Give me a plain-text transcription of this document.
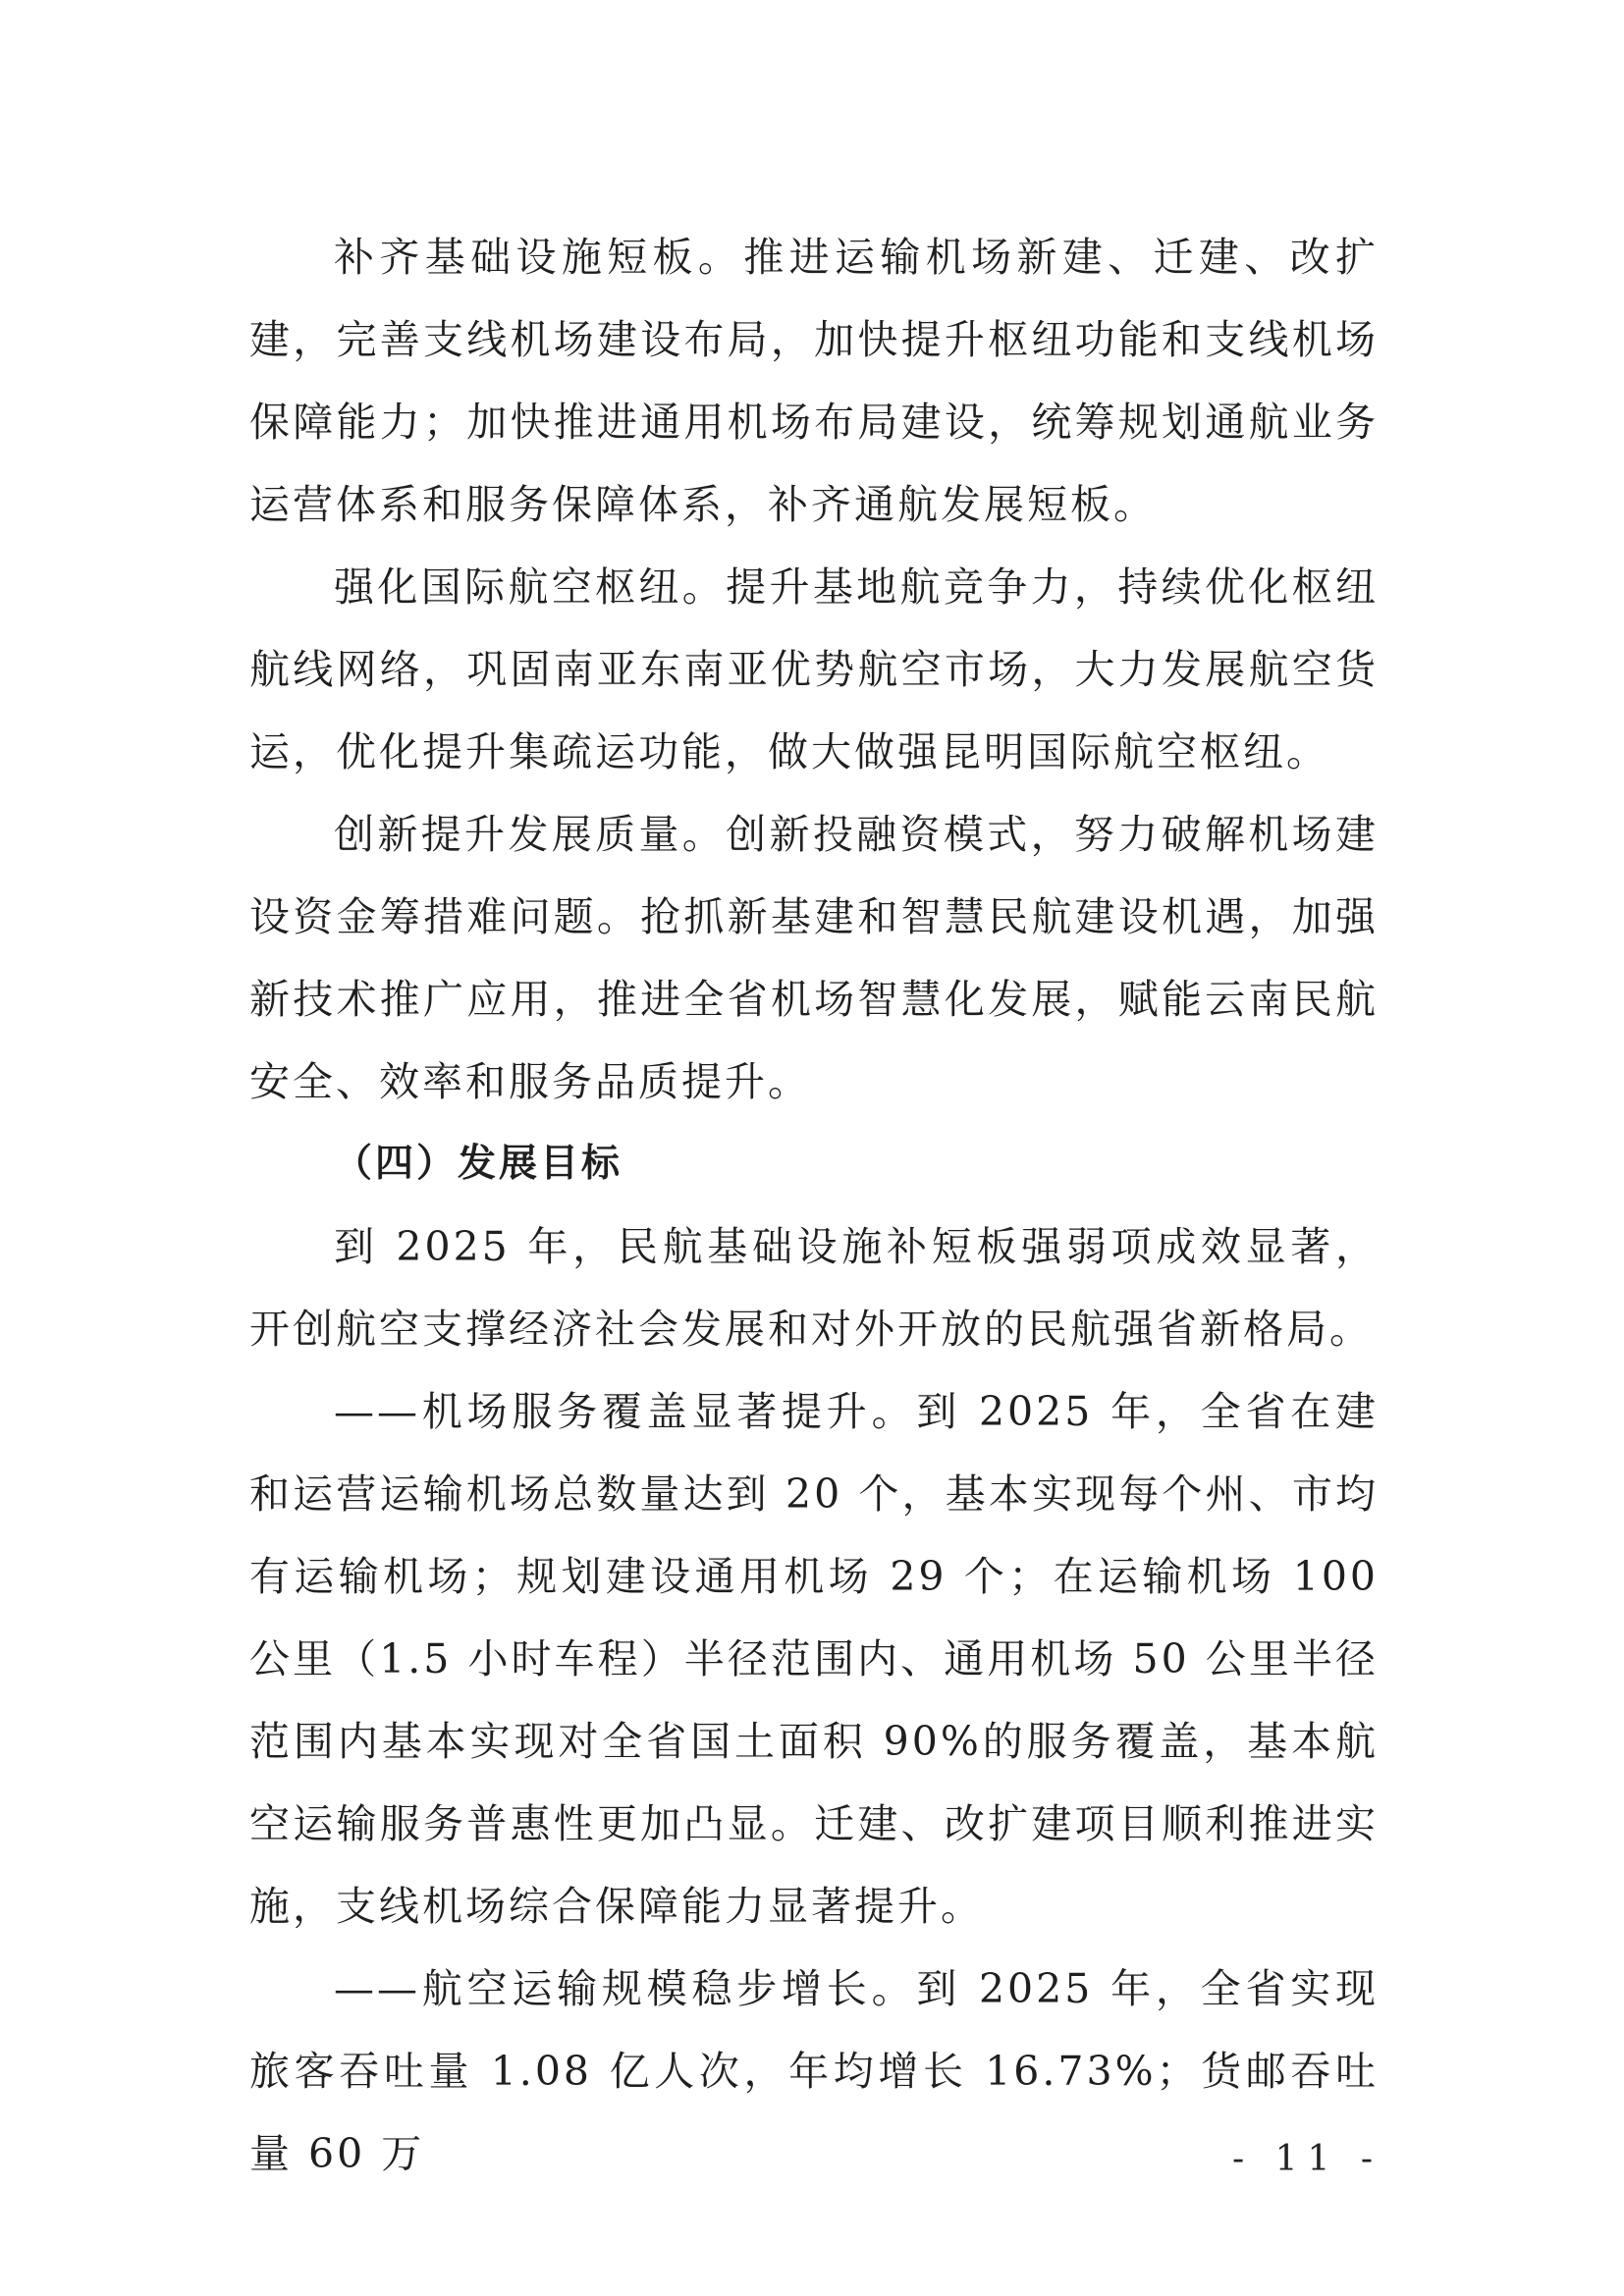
补齐基础设施短板。推进运输机场新建、迁建、改扩建，完善支线机场建设布局，加快提升枢纽功能和支线机场保障能力；加快推进通用机场布局建设，统筹规划通航业务运营体系和服务保障体系，补齐通航发展短板。

强化国际航空枢纽。提升基地航竞争力，持续优化枢纽航线网络，巩固南亚东南亚优势航空市场，大力发展航空货运，优化提升集疏运功能，做大做强昆明国际航空枢纽。

创新提升发展质量。创新投融资模式，努力破解机场建设资金筹措难问题。抢抓新基建和智慧民航建设机遇，加强新技术推广应用，推进全省机场智慧化发展，赋能云南民航安全、效率和服务品质提升。

（四）发展目标

到 2025 年，民航基础设施补短板强弱项成效显著，开创航空支撑经济社会发展和对外开放的民航强省新格局。

——机场服务覆盖显著提升。到 2025 年，全省在建和运营运输机场总数量达到 20 个，基本实现每个州、市均有运输机场；规划建设通用机场 29 个；在运输机场 100 公里（1.5 小时车程）半径范围内、通用机场 50 公里半径范围内基本实现对全省国土面积 90%的服务覆盖，基本航空运输服务普惠性更加凸显。迁建、改扩建项目顺利推进实施，支线机场综合保障能力显著提升。

——航空运输规模稳步增长。到 2025 年，全省实现旅客吞吐量 1.08 亿人次，年均增长 16.73%；货邮吞吐量 60 万	- 11 -
